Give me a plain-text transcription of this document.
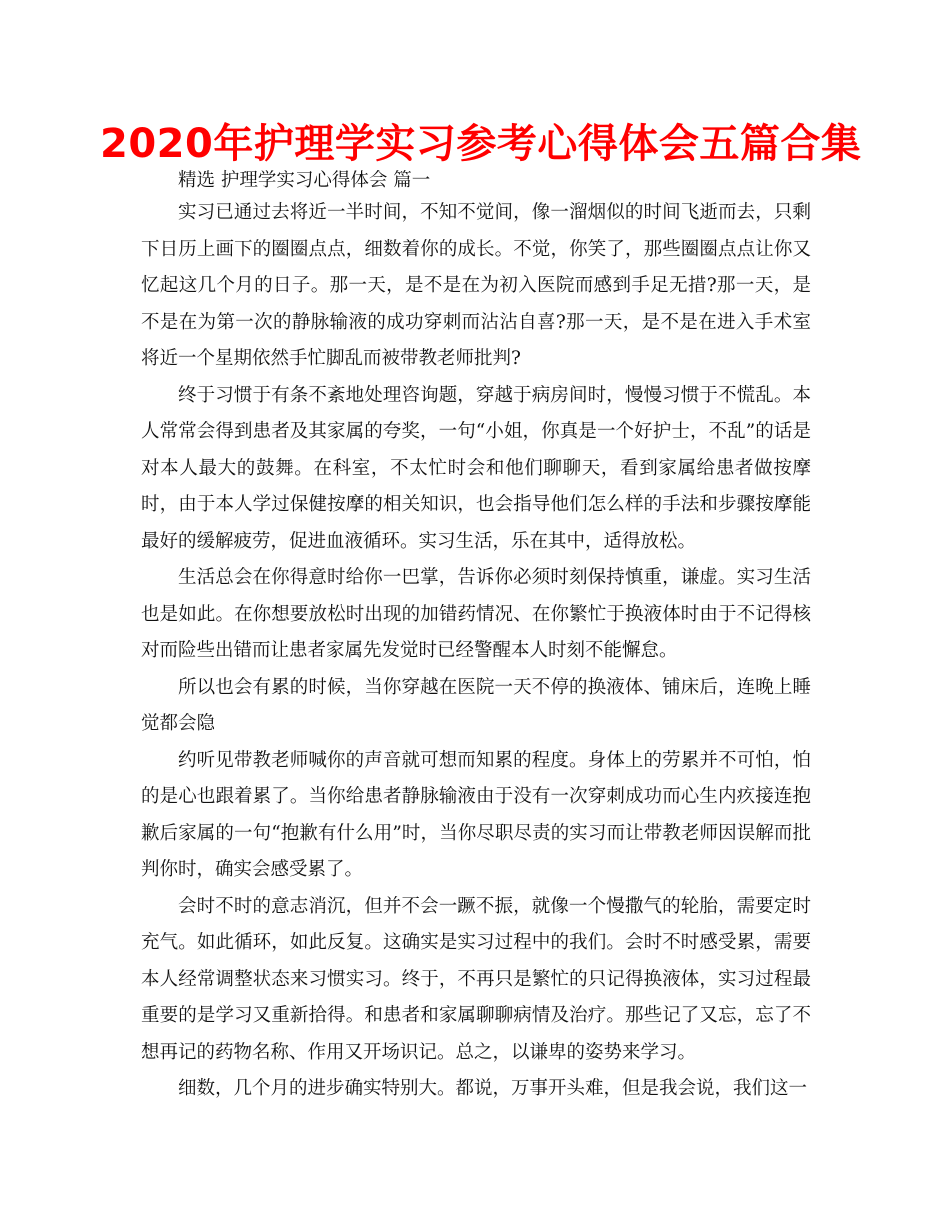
2020年护理学实习参考心得体会五篇合集

精选 护理学实习心得体会 篇一

实习已通过去将近一半时间，不知不觉间，像一溜烟似的时间飞逝而去，只剩下日历上画下的圈圈点点，细数着你的成长。不觉，你笑了，那些圈圈点点让你又忆起这几个月的日子。那一天，是不是在为初入医院而感到手足无措?那一天，是不是在为第一次的静脉输液的成功穿刺而沾沾自喜?那一天，是不是在进入手术室将近一个星期依然手忙脚乱而被带教老师批判?

终于习惯于有条不紊地处理咨询题，穿越于病房间时，慢慢习惯于不慌乱。本人常常会得到患者及其家属的夸奖，一句“小姐，你真是一个好护士，不乱”的话是对本人最大的鼓舞。在科室，不太忙时会和他们聊聊天，看到家属给患者做按摩时，由于本人学过保健按摩的相关知识，也会指导他们怎么样的手法和步骤按摩能最好的缓解疲劳，促进血液循环。实习生活，乐在其中，适得放松。

生活总会在你得意时给你一巴掌，告诉你必须时刻保持慎重，谦虚。实习生活也是如此。在你想要放松时出现的加错药情况、在你繁忙于换液体时由于不记得核对而险些出错而让患者家属先发觉时已经警醒本人时刻不能懈怠。

所以也会有累的时候，当你穿越在医院一天不停的换液体、铺床后，连晚上睡觉都会隐

约听见带教老师喊你的声音就可想而知累的程度。身体上的劳累并不可怕，怕的是心也跟着累了。当你给患者静脉输液由于没有一次穿刺成功而心生内疚接连抱歉后家属的一句“抱歉有什么用”时，当你尽职尽责的实习而让带教老师因误解而批判你时，确实会感受累了。

会时不时的意志消沉，但并不会一蹶不振，就像一个慢撒气的轮胎，需要定时充气。如此循环，如此反复。这确实是实习过程中的我们。会时不时感受累，需要本人经常调整状态来习惯实习。终于，不再只是繁忙的只记得换液体，实习过程最重要的是学习又重新拾得。和患者和家属聊聊病情及治疗。那些记了又忘，忘了不想再记的药物名称、作用又开场识记。总之，以谦卑的姿势来学习。

细数，几个月的进步确实特别大。都说，万事开头难，但是我会说，我们这一
